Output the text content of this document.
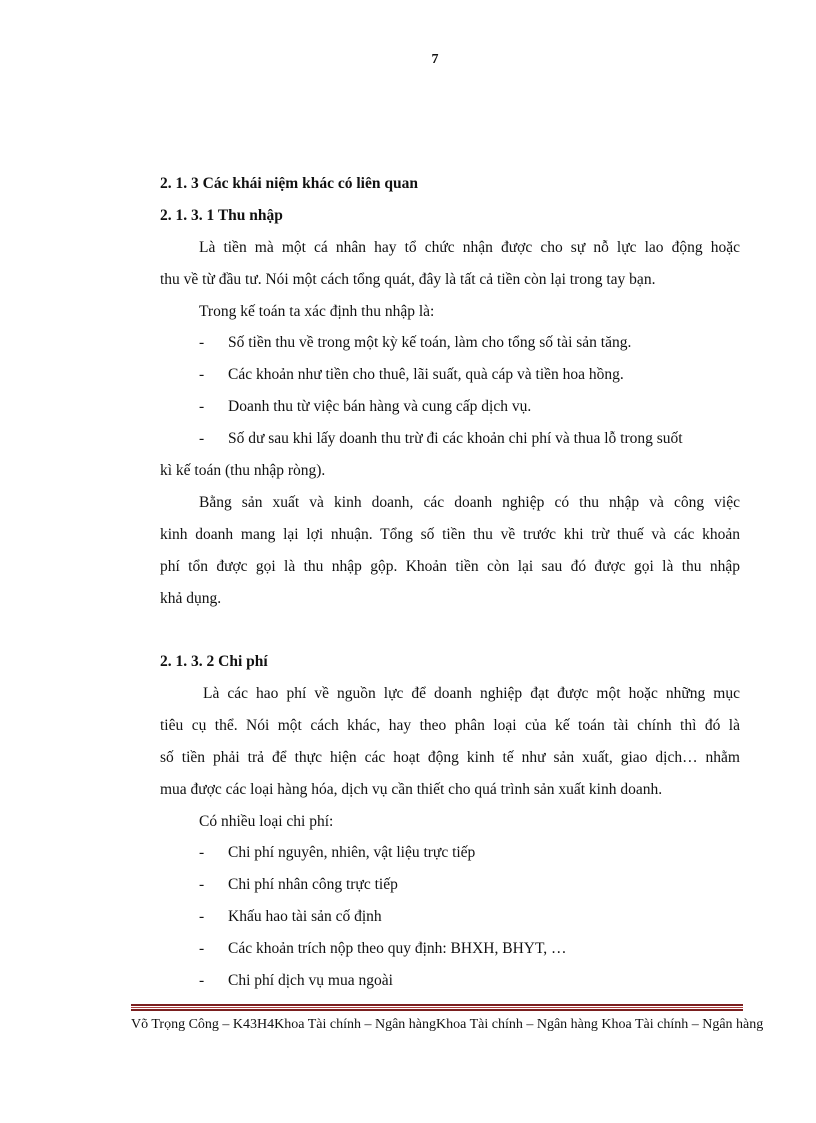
7
2. 1. 3 Các khái niệm khác có liên quan
2. 1. 3. 1 Thu nhập
Là tiền mà một cá nhân hay tổ chức nhận được cho sự nỗ lực lao động hoặc
thu về từ đầu tư. Nói một cách tổng quát, đây là tất cả tiền còn lại trong tay bạn.
Trong kế toán ta xác định thu nhập là:
- Số tiền thu về trong một kỳ kế toán, làm cho tổng số tài sản tăng.
- Các khoản như tiền cho thuê, lãi suất, quà cáp và tiền hoa hồng.
- Doanh thu từ việc bán hàng và cung cấp dịch vụ.
- Số dư sau khi lấy doanh thu trừ đi các khoản chi phí và thua lỗ trong suốt
kì kế toán (thu nhập ròng).
Bằng sản xuất và kinh doanh, các doanh nghiệp có thu nhập và công việc
kinh doanh mang lại lợi nhuận. Tổng số tiền thu về trước khi trừ thuế và các khoản
phí tổn được gọi là thu nhập gộp. Khoản tiền còn lại sau đó được gọi là thu nhập
khả dụng.
2. 1. 3. 2 Chi phí
Là các hao phí về nguồn lực để doanh nghiệp đạt được một hoặc những mục
tiêu cụ thể. Nói một cách khác, hay theo phân loại của kế toán tài chính thì đó là
số tiền phải trả để thực hiện các hoạt động kinh tế như sản xuất, giao dịch… nhằm
mua được các loại hàng hóa, dịch vụ cần thiết cho quá trình sản xuất kinh doanh.
Có nhiều loại chi phí:
- Chi phí nguyên, nhiên, vật liệu trực tiếp
- Chi phí nhân công trực tiếp
- Khấu hao tài sản cố định
- Các khoản trích nộp theo quy định: BHXH, BHYT, …
- Chi phí dịch vụ mua ngoài
Võ Trọng Công – K43H4Khoa Tài chính – Ngân hàngKhoa Tài chính – Ngân hàng Khoa Tài chính – Ngân hàng
